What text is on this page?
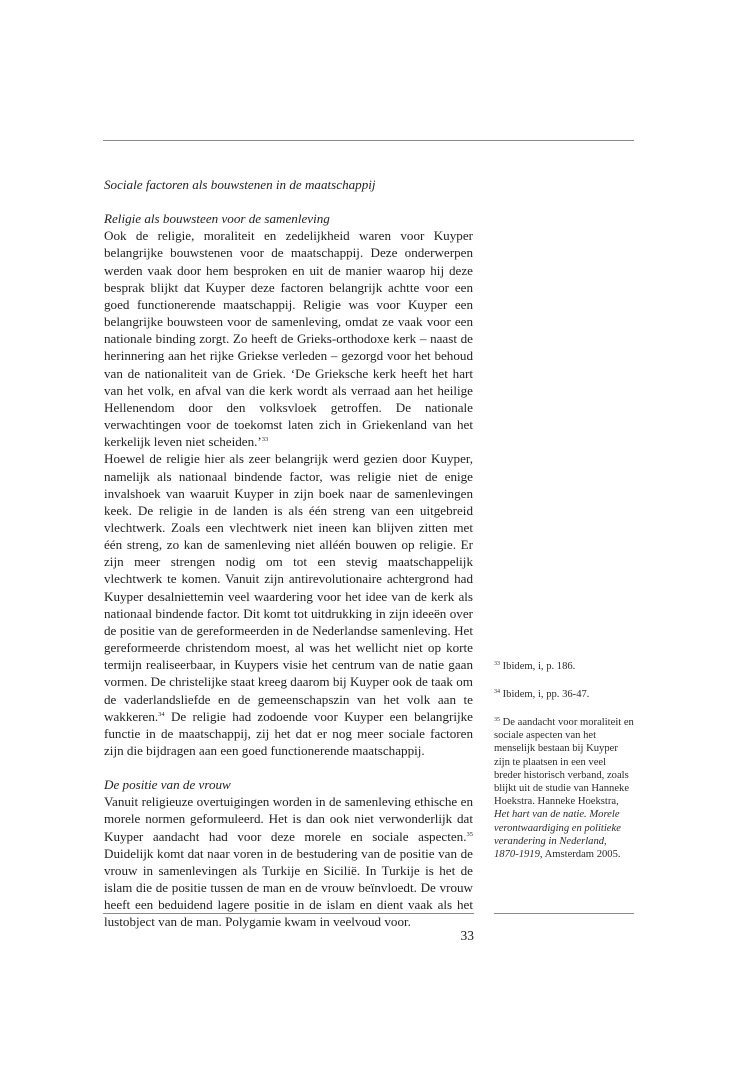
Sociale factoren als bouwstenen in de maatschappij

Religie als bouwsteen voor de samenleving

Ook de religie, moraliteit en zedelijkheid waren voor Kuyper belangrijke bouwstenen voor de maatschappij. Deze onderwerpen werden vaak door hem besproken en uit de manier waarop hij deze besprak blijkt dat Kuyper deze factoren belangrijk achtte voor een goed functionerende maatschappij. Religie was voor Kuyper een belangrijke bouwsteen voor de samenleving, omdat ze vaak voor een nationale binding zorgt. Zo heeft de Grieks-orthodoxe kerk – naast de herinnering aan het rijke Griekse verleden – gezorgd voor het behoud van de nationaliteit van de Griek. ‘De Grieksche kerk heeft het hart van het volk, en afval van die kerk wordt als verraad aan het heilige Hellenendom door den volksvloek getroffen. De nationale verwachtingen voor de toekomst laten zich in Griekenland van het kerkelijk leven niet scheiden.’$^{33}$

Hoewel de religie hier als zeer belangrijk werd gezien door Kuyper, namelijk als nationaal bindende factor, was religie niet de enige invalshoek van waaruit Kuyper in zijn boek naar de samenlevingen keek. De religie in de landen is als één streng van een uitgebreid vlechtwerk. Zoals een vlechtwerk niet ineen kan blijven zitten met één streng, zo kan de samenleving niet alléén bouwen op religie. Er zijn meer strengen nodig om tot een stevig maatschappelijk vlechtwerk te komen. Vanuit zijn antirevolutionaire achtergrond had Kuyper desalniettemin veel waardering voor het idee van de kerk als nationaal bindende factor. Dit komt tot uitdrukking in zijn ideeën over de positie van de gereformeerden in de Nederlandse samenleving. Het gereformeerde christendom moest, al was het wellicht niet op korte termijn realiseerbaar, in Kuypers visie het centrum van de natie gaan vormen. De christelijke staat kreeg daarom bij Kuyper ook de taak om de vaderlandsliefde en de gemeenschapszin van het volk aan te wakkeren.$^{34}$ De religie had zodoende voor Kuyper een belangrijke functie in de maatschappij, zij het dat er nog meer sociale factoren zijn die bijdragen aan een goed functionerende maatschappij.

De positie van de vrouw

Vanuit religieuze overtuigingen worden in de samenleving ethische en morele normen geformuleerd. Het is dan ook niet verwonderlijk dat Kuyper aandacht had voor deze morele en sociale aspecten.$^{35}$ Duidelijk komt dat naar voren in de bestudering van de positie van de vrouw in samenlevingen als Turkije en Sicilië. In Turkije is het de islam die de positie tussen de man en de vrouw beïnvloedt. De vrouw heeft een beduidend lagere positie in de islam en dient vaak als het lustobject van de man. Polygamie kwam in veelvoud voor.

$^{33}$ Ibidem, i, p. 186.

$^{34}$ Ibidem, i, pp. 36-47.

$^{35}$ De aandacht voor moraliteit en sociale aspecten van het menselijk bestaan bij Kuyper zijn te plaatsen in een veel breder historisch verband, zoals blijkt uit de studie van Hanneke Hoekstra. Hanneke Hoekstra, Het hart van de natie. Morele verontwaardiging en politieke verandering in Nederland, 1870-1919, Amsterdam 2005.

33
